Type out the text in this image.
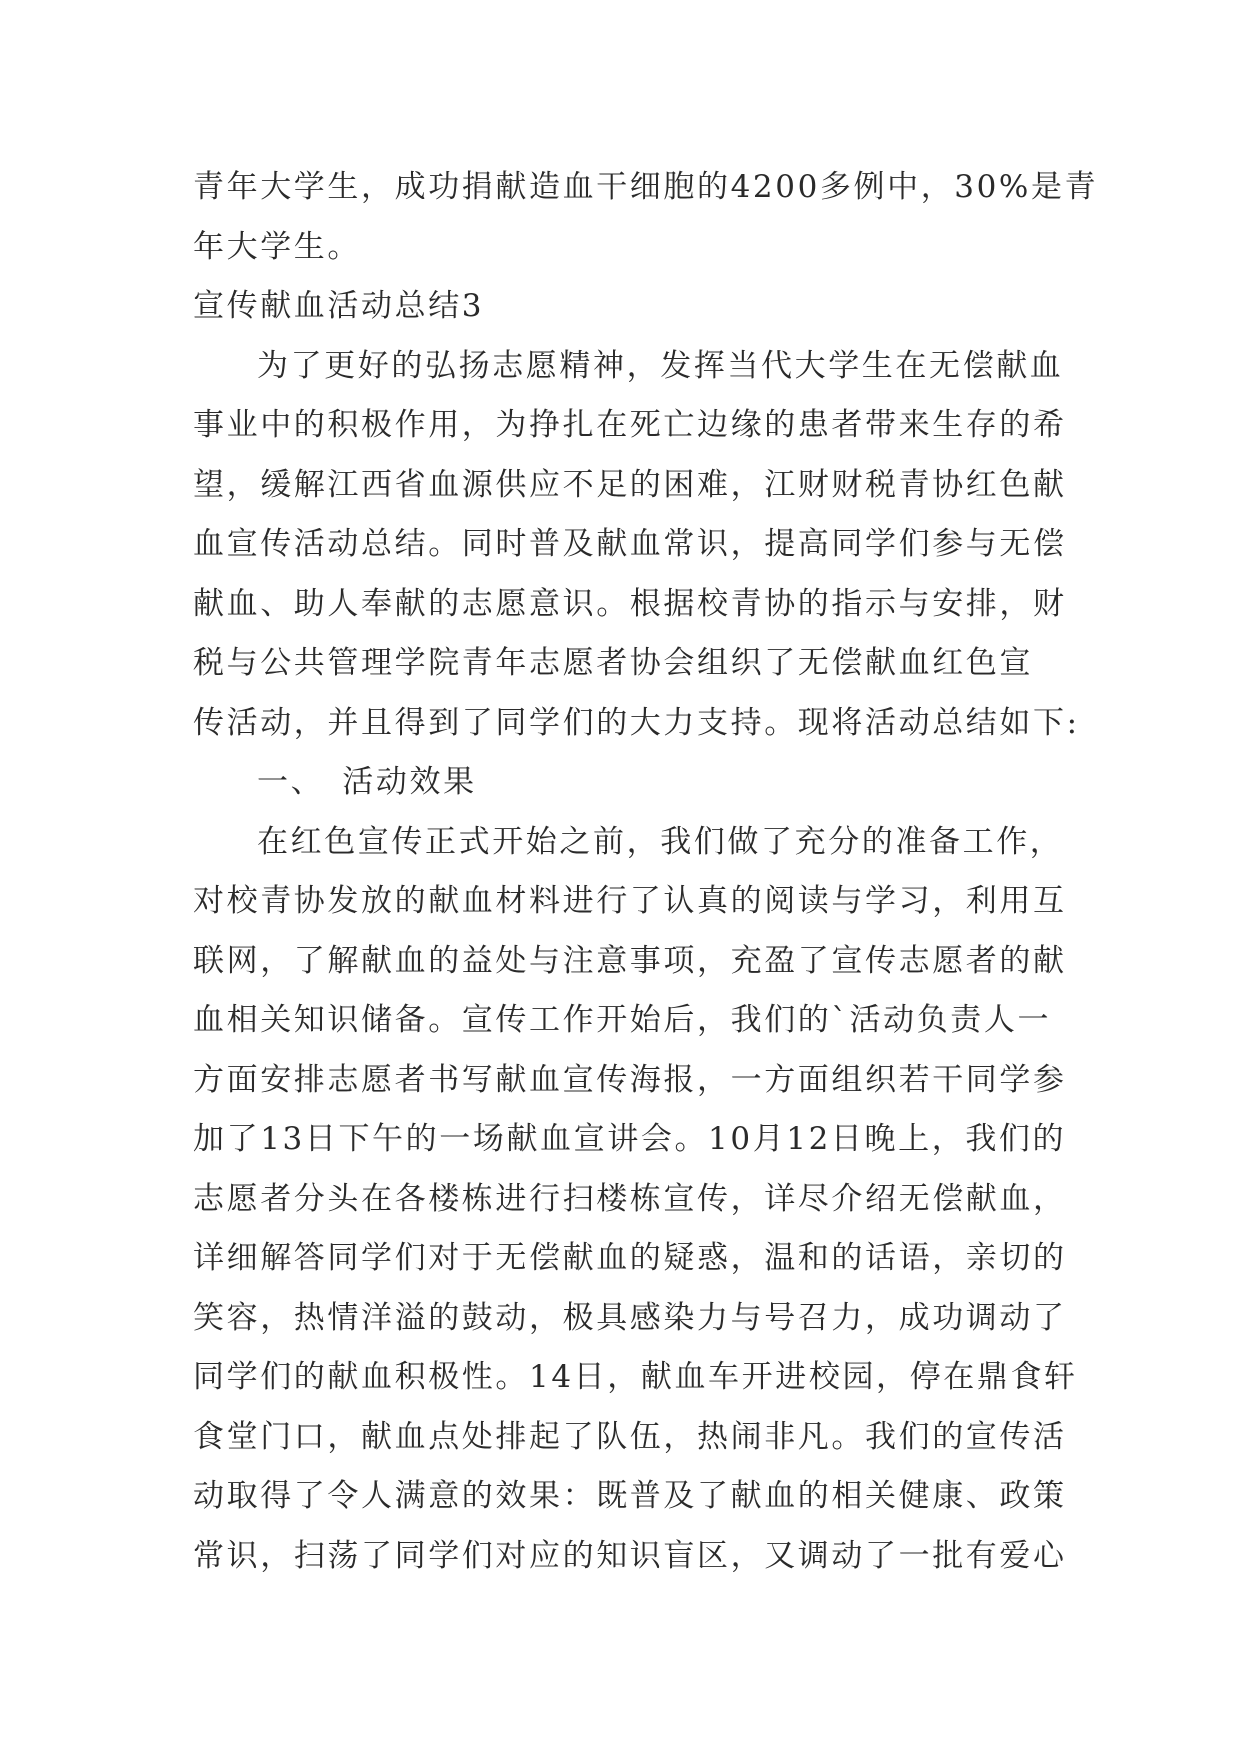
青年大学生，成功捐献造血干细胞的4200多例中，30%是青
年大学生。
宣传献血活动总结3
为了更好的弘扬志愿精神，发挥当代大学生在无偿献血
事业中的积极作用，为挣扎在死亡边缘的患者带来生存的希
望，缓解江西省血源供应不足的困难，江财财税青协红色献
血宣传活动总结。同时普及献血常识，提高同学们参与无偿
献血、助人奉献的志愿意识。根据校青协的指示与安排，财
税与公共管理学院青年志愿者协会组织了无偿献血红色宣
传活动，并且得到了同学们的大力支持。现将活动总结如下:
一、　活动效果
在红色宣传正式开始之前，我们做了充分的准备工作，
对校青协发放的献血材料进行了认真的阅读与学习，利用互
联网，了解献血的益处与注意事项，充盈了宣传志愿者的献
血相关知识储备。宣传工作开始后，我们的`活动负责人一
方面安排志愿者书写献血宣传海报，一方面组织若干同学参
加了13日下午的一场献血宣讲会。10月12日晚上，我们的
志愿者分头在各楼栋进行扫楼栋宣传，详尽介绍无偿献血，
详细解答同学们对于无偿献血的疑惑，温和的话语，亲切的
笑容，热情洋溢的鼓动，极具感染力与号召力，成功调动了
同学们的献血积极性。14日，献血车开进校园，停在鼎食轩
食堂门口，献血点处排起了队伍，热闹非凡。我们的宣传活
动取得了令人满意的效果：既普及了献血的相关健康、政策
常识，扫荡了同学们对应的知识盲区，又调动了一批有爱心
